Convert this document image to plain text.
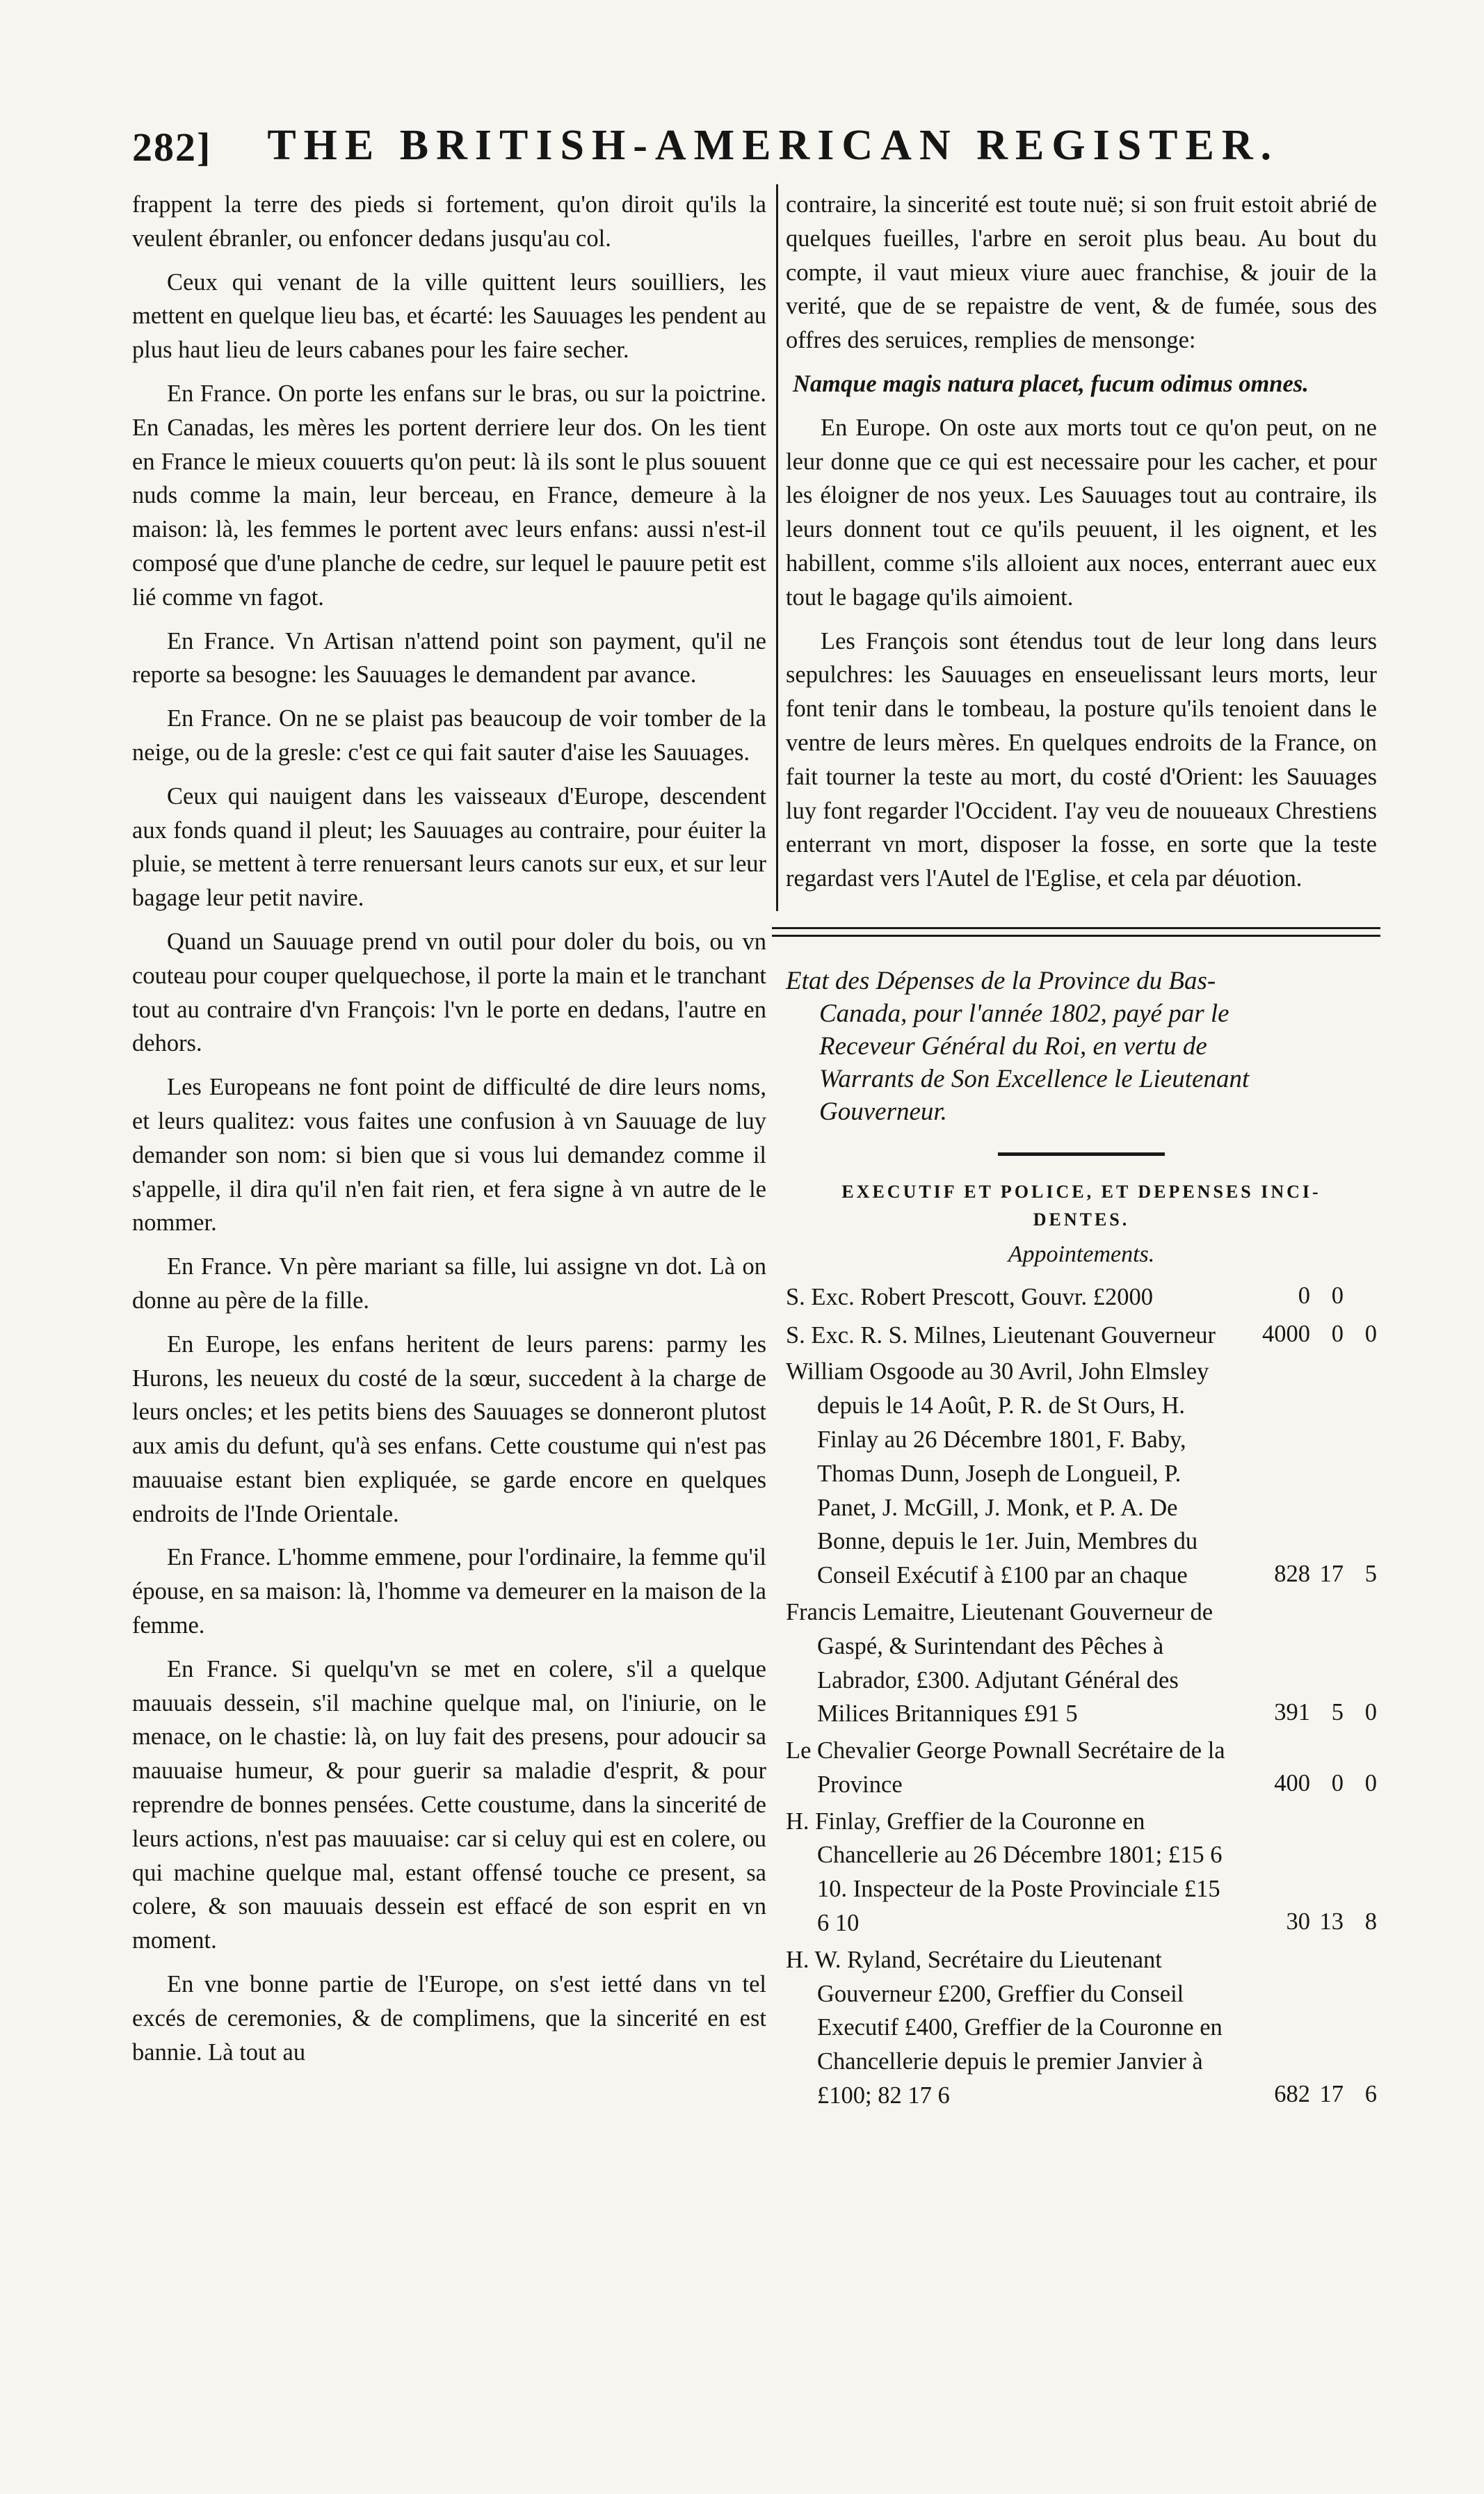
282] THE BRITISH-AMERICAN REGISTER.

frappent la terre des pieds si fortement, qu'on diroit qu'ils la veulent ébranler, ou enfoncer dedans jusqu'au col.

Ceux qui venant de la ville quittent leurs souilliers, les mettent en quelque lieu bas, et écarté: les Sauuages les pendent au plus haut lieu de leurs cabanes pour les faire secher.

En France. On porte les enfans sur le bras, ou sur la poictrine. En Canadas, les mères les portent derriere leur dos. On les tient en France le mieux couuerts qu'on peut: là ils sont le plus souuent nuds comme la main, leur berceau, en France, demeure à la maison: là, les femmes le portent avec leurs enfans: aussi n'est-il composé que d'une planche de cedre, sur lequel le pauure petit est lié comme vn fagot.

En France. Vn Artisan n'attend point son payment, qu'il ne reporte sa besogne: les Sauuages le demandent par avance.

En France. On ne se plaist pas beaucoup de voir tomber de la neige, ou de la gresle: c'est ce qui fait sauter d'aise les Sauuages.

Ceux qui nauigent dans les vaisseaux d'Europe, descendent aux fonds quand il pleut; les Sauuages au contraire, pour éuiter la pluie, se mettent à terre renuersant leurs canots sur eux, et sur leur bagage leur petit navire.

Quand un Sauuage prend vn outil pour doler du bois, ou vn couteau pour couper quelquechose, il porte la main et le tranchant tout au contraire d'vn François: l'vn le porte en dedans, l'autre en dehors.

Les Europeans ne font point de difficulté de dire leurs noms, et leurs qualitez: vous faites une confusion à vn Sauuage de luy demander son nom: si bien que si vous lui demandez comme il s'appelle, il dira qu'il n'en fait rien, et fera signe à vn autre de le nommer.

En France. Vn père mariant sa fille, lui assigne vn dot. Là on donne au père de la fille.

En Europe, les enfans heritent de leurs parens: parmy les Hurons, les neueux du costé de la sœur, succedent à la charge de leurs oncles; et les petits biens des Sauuages se donneront plutost aux amis du defunt, qu'à ses enfans. Cette coustume qui n'est pas mauuaise estant bien expliquée, se garde encore en quelques endroits de l'Inde Orientale.

En France. L'homme emmene, pour l'ordinaire, la femme qu'il épouse, en sa maison: là, l'homme va demeurer en la maison de la femme.

En France. Si quelqu'vn se met en colere, s'il a quelque mauuais dessein, s'il machine quelque mal, on l'iniurie, on le menace, on le chastie: là, on luy fait des presens, pour adoucir sa mauuaise humeur, & pour guerir sa maladie d'esprit, & pour reprendre de bonnes pensées. Cette coustume, dans la sincerité de leurs actions, n'est pas mauuaise: car si celuy qui est en colere, ou qui machine quelque mal, estant offensé touche ce present, sa colere, & son mauuais dessein est effacé de son esprit en vn moment.

En vne bonne partie de l'Europe, on s'est ietté dans vn tel excés de ceremonies, & de complimens, que la sincerité en est bannie. Là tout au

contraire, la sincerité est toute nuë; si son fruit estoit abrié de quelques fueilles, l'arbre en seroit plus beau. Au bout du compte, il vaut mieux viure auec franchise, & jouir de la verité, que de se repaistre de vent, & de fumée, sous des offres des seruices, remplies de mensonge:

Namque magis natura placet, fucum odimus omnes.

En Europe. On oste aux morts tout ce qu'on peut, on ne leur donne que ce qui est necessaire pour les cacher, et pour les éloigner de nos yeux. Les Sauuages tout au contraire, ils leurs donnent tout ce qu'ils peuuent, il les oignent, et les habillent, comme s'ils alloient aux noces, enterrant auec eux tout le bagage qu'ils aimoient.

Les François sont étendus tout de leur long dans leurs sepulchres: les Sauuages en enseuelissant leurs morts, leur font tenir dans le tombeau, la posture qu'ils tenoient dans le ventre de leurs mères. En quelques endroits de la France, on fait tourner la teste au mort, du costé d'Orient: les Sauuages luy font regarder l'Occident. I'ay veu de nouueaux Chrestiens enterrant vn mort, disposer la fosse, en sorte que la teste regardast vers l'Autel de l'Eglise, et cela par déuotion.

Etat des Dépenses de la Province du Bas-
Canada, pour l'année 1802, payé par le
Receveur Général du Roi, en vertu de
Warrants de Son Excellence le Lieutenant
Gouverneur.
EXECUTIF ET POLICE, ET DEPENSES INCI-
DENTES.
Appointements.
S. Exc. Robert Prescott, Gouvr. £2000	0 0
S. Exc. R. S. Milnes, Lieutenant Gouverneur	4000 0 0
William Osgoode au 30 Avril, John Elmsley depuis le 14 Août, P. R. de St Ours, H. Finlay au 26 Décembre 1801, F. Baby, Thomas Dunn, Joseph de Longueil, P. Panet, J. McGill, J. Monk, et P. A. De Bonne, depuis le 1er. Juin, Membres du Conseil Exécutif à £100 par an chaque	828 17 5
Francis Lemaitre, Lieutenant Gouverneur de Gaspé, & Surintendant des Pêches à Labrador, £300. Adjutant Général des Milices Britanniques £91 5	391 5 0
Le Chevalier George Pownall Secrétaire de la Province	400 0 0
H. Finlay, Greffier de la Couronne en Chancellerie au 26 Décembre 1801; £15 6 10. Inspecteur de la Poste Provinciale £15 6 10	30 13 8
H. W. Ryland, Secrétaire du Lieutenant Gouverneur £200, Greffier du Conseil Executif £400, Greffier de la Couronne en Chancellerie depuis le premier Janvier à £100; 82 17 6	682 17 6
